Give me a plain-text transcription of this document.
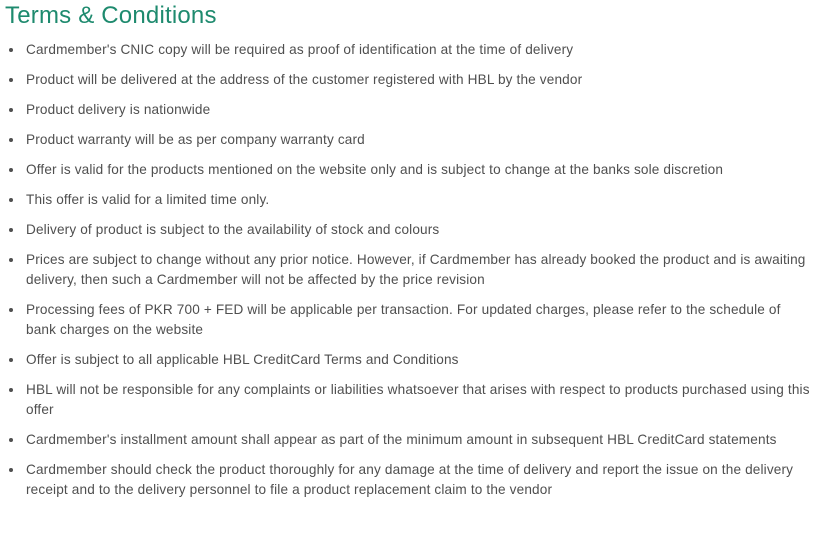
Terms & Conditions
Cardmember's CNIC copy will be required as proof of identification at the time of delivery
Product will be delivered at the address of the customer registered with HBL by the vendor
Product delivery is nationwide
Product warranty will be as per company warranty card
Offer is valid for the products mentioned on the website only and is subject to change at the banks sole discretion
This offer is valid for a limited time only.
Delivery of product is subject to the availability of stock and colours
Prices are subject to change without any prior notice. However, if Cardmember has already booked the product and is awaiting delivery, then such a Cardmember will not be affected by the price revision
Processing fees of PKR 700 + FED will be applicable per transaction. For updated charges, please refer to the schedule of bank charges on the website
Offer is subject to all applicable HBL CreditCard Terms and Conditions
HBL will not be responsible for any complaints or liabilities whatsoever that arises with respect to products purchased using this offer
Cardmember's installment amount shall appear as part of the minimum amount in subsequent HBL CreditCard statements
Cardmember should check the product thoroughly for any damage at the time of delivery and report the issue on the delivery receipt and to the delivery personnel to file a product replacement claim to the vendor
